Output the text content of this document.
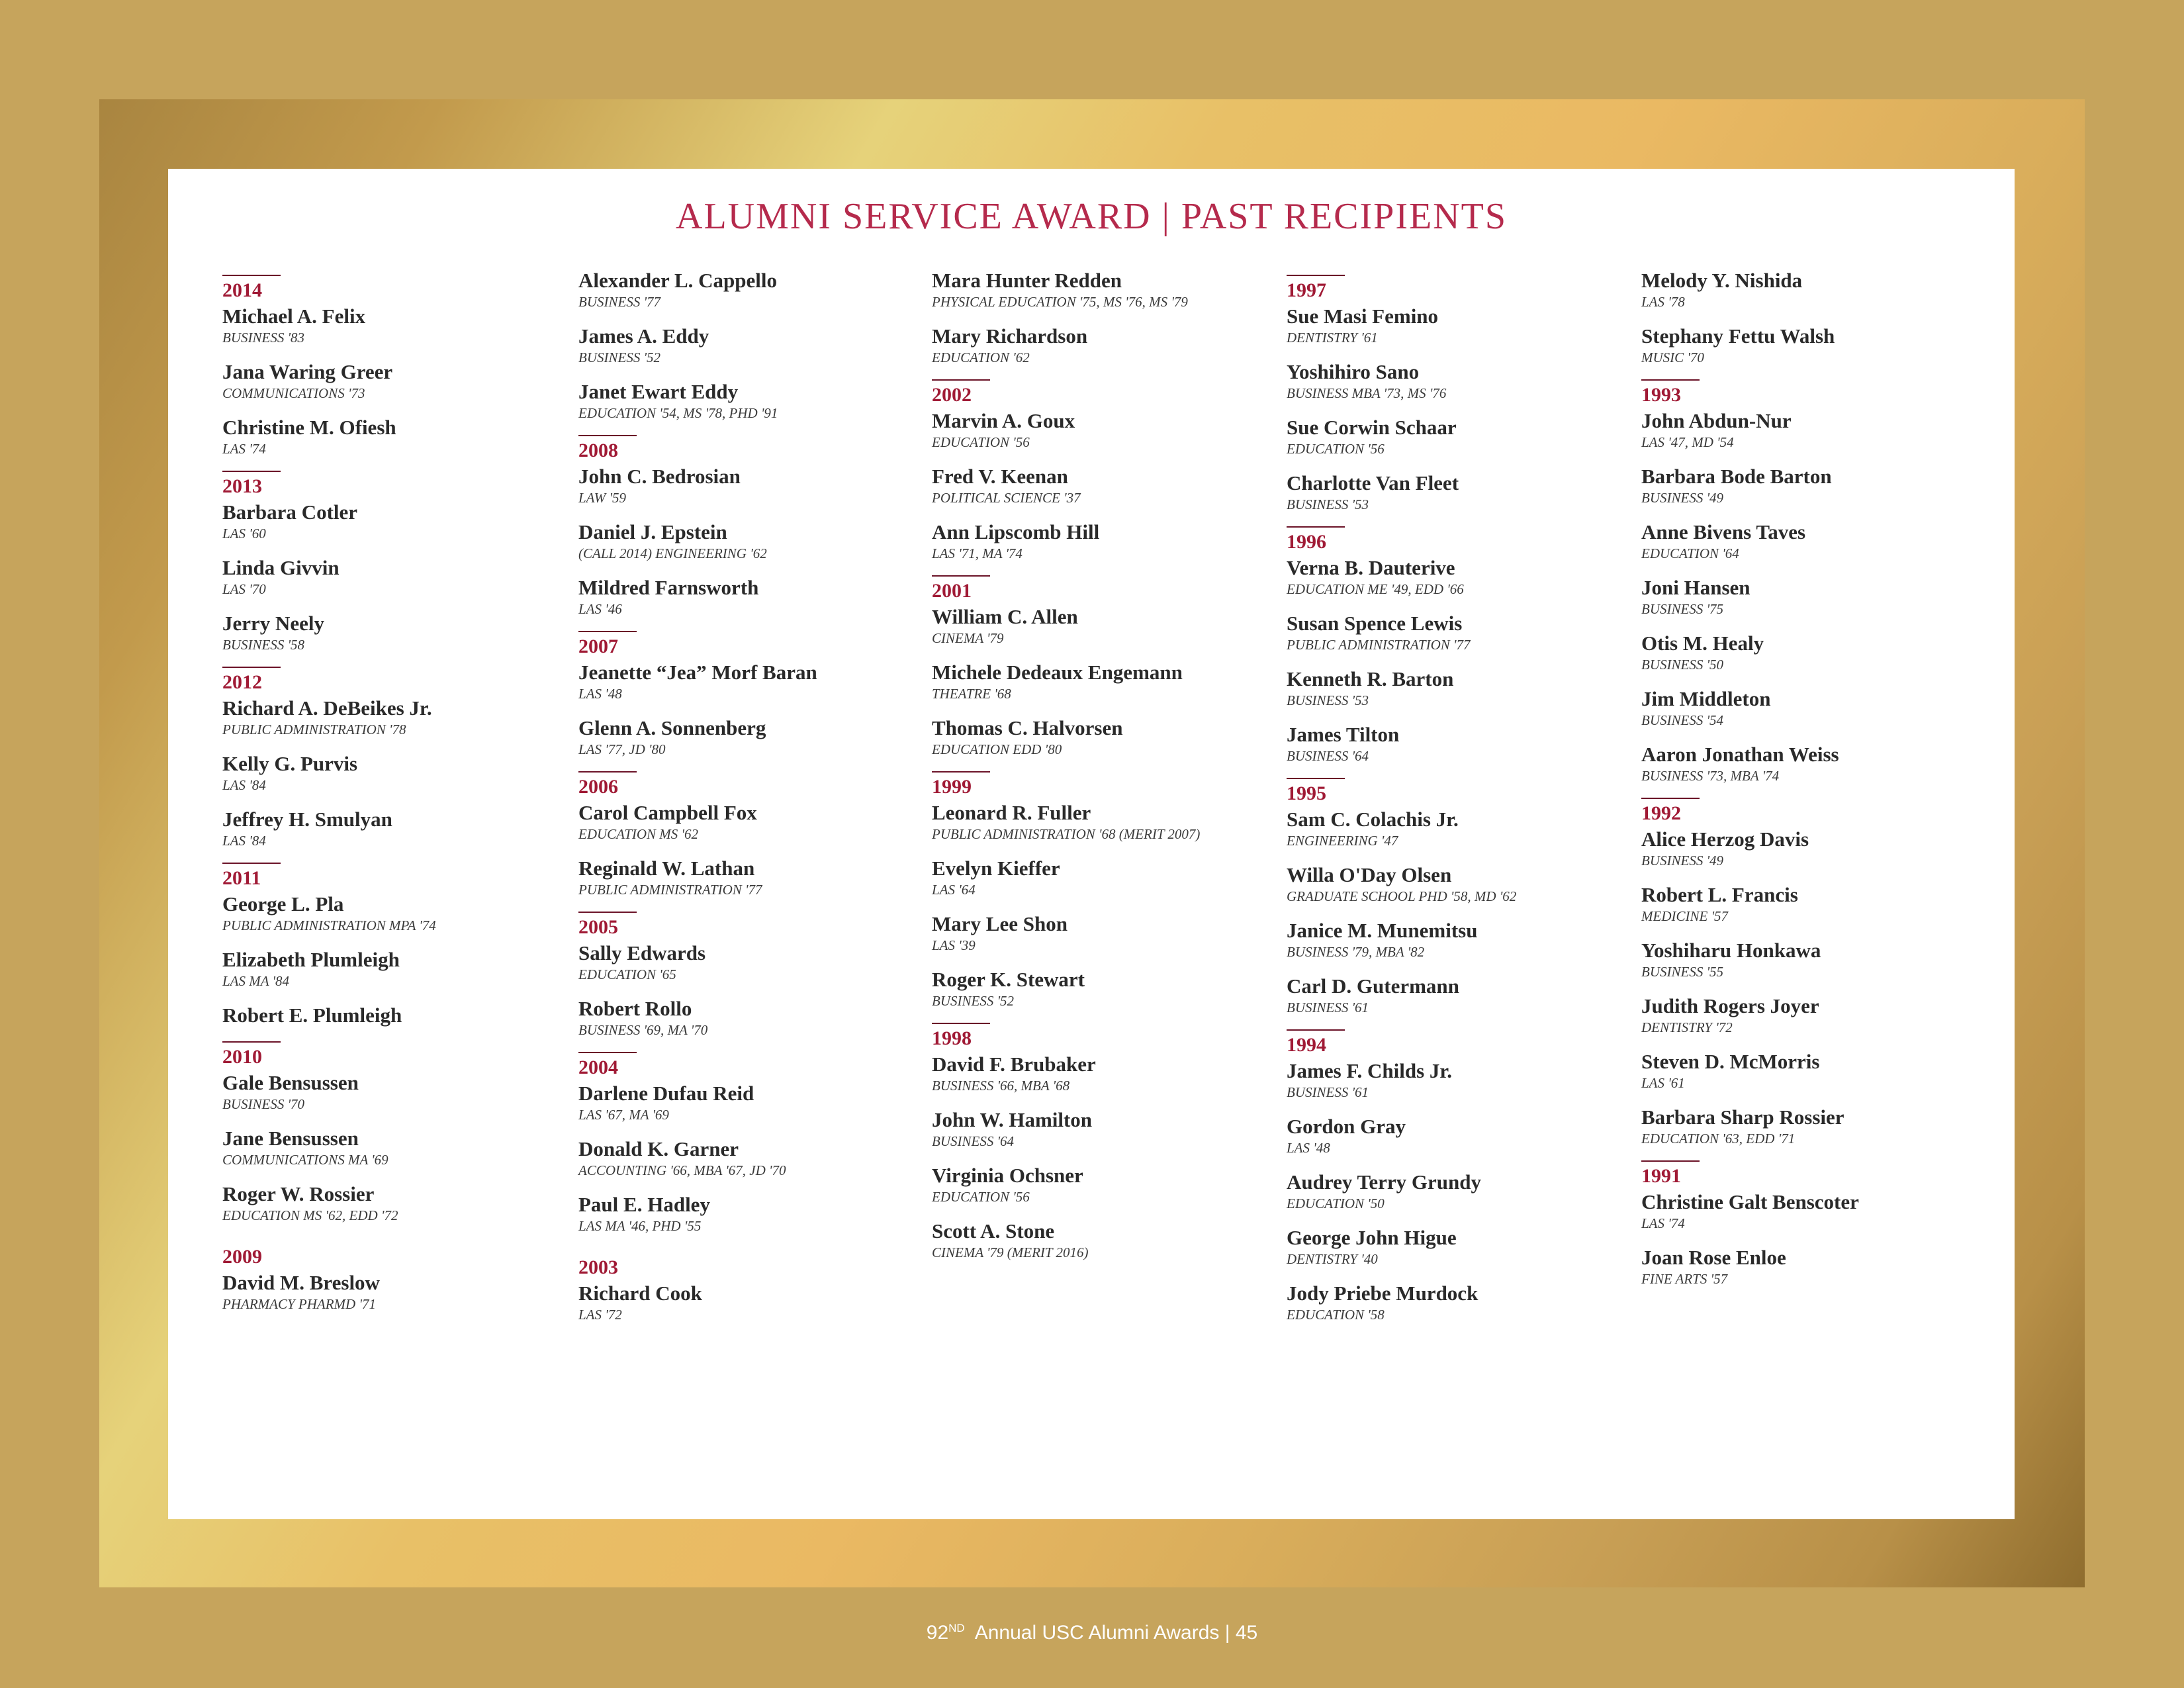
ALUMNI SERVICE AWARD | PAST RECIPIENTS
2014
Michael A. Felix
BUSINESS '83
Jana Waring Greer
COMMUNICATIONS '73
Christine M. Ofiesh
LAS '74
2013
Barbara Cotler
LAS '60
Linda Givvin
LAS '70
Jerry Neely
BUSINESS '58
2012
Richard A. DeBeikes Jr.
PUBLIC ADMINISTRATION '78
Kelly G. Purvis
LAS '84
Jeffrey H. Smulyan
LAS '84
2011
George L. Pla
PUBLIC ADMINISTRATION MPA '74
Elizabeth Plumleigh
LAS MA '84
Robert E. Plumleigh
2010
Gale Bensussen
BUSINESS '70
Jane Bensussen
COMMUNICATIONS MA '69
Roger W. Rossier
EDUCATION MS '62, EDD '72
2009
David M. Breslow
PHARMACY PHARMD '71
Alexander L. Cappello
BUSINESS '77
James A. Eddy
BUSINESS '52
Janet Ewart Eddy
EDUCATION '54, MS '78, PHD '91
2008
John C. Bedrosian
LAW '59
Daniel J. Epstein
(CALL 2014) ENGINEERING '62
Mildred Farnsworth
LAS '46
2007
Jeanette “Jea” Morf Baran
LAS '48
Glenn A. Sonnenberg
LAS '77, JD '80
2006
Carol Campbell Fox
EDUCATION MS '62
Reginald W. Lathan
PUBLIC ADMINISTRATION '77
2005
Sally Edwards
EDUCATION '65
Robert Rollo
BUSINESS '69, MA '70
2004
Darlene Dufau Reid
LAS '67, MA '69
Donald K. Garner
ACCOUNTING '66, MBA '67, JD '70
Paul E. Hadley
LAS MA '46, PHD '55
2003
Richard Cook
LAS '72
Mara Hunter Redden
PHYSICAL EDUCATION '75, MS '76, MS '79
Mary Richardson
EDUCATION '62
2002
Marvin A. Goux
EDUCATION '56
Fred V. Keenan
POLITICAL SCIENCE '37
Ann Lipscomb Hill
LAS '71, MA '74
2001
William C. Allen
CINEMA '79
Michele Dedeaux Engemann
THEATRE '68
Thomas C. Halvorsen
EDUCATION EDD '80
1999
Leonard R. Fuller
PUBLIC ADMINISTRATION '68 (MERIT 2007)
Evelyn Kieffer
LAS '64
Mary Lee Shon
LAS '39
Roger K. Stewart
BUSINESS '52
1998
David F. Brubaker
BUSINESS '66, MBA '68
John W. Hamilton
BUSINESS '64
Virginia Ochsner
EDUCATION '56
Scott A. Stone
CINEMA '79 (MERIT 2016)
1997
Sue Masi Femino
DENTISTRY '61
Yoshihiro Sano
BUSINESS MBA '73, MS '76
Sue Corwin Schaar
EDUCATION '56
Charlotte Van Fleet
BUSINESS '53
1996
Verna B. Dauterive
EDUCATION ME '49, EDD '66
Susan Spence Lewis
PUBLIC ADMINISTRATION '77
Kenneth R. Barton
BUSINESS '53
James Tilton
BUSINESS '64
1995
Sam C. Colachis Jr.
ENGINEERING '47
Willa O'Day Olsen
GRADUATE SCHOOL PHD '58, MD '62
Janice M. Munemitsu
BUSINESS '79, MBA '82
Carl D. Gutermann
BUSINESS '61
1994
James F. Childs Jr.
BUSINESS '61
Gordon Gray
LAS '48
Audrey Terry Grundy
EDUCATION '50
George John Higue
DENTISTRY '40
Jody Priebe Murdock
EDUCATION '58
Melody Y. Nishida
LAS '78
Stephany Fettu Walsh
MUSIC '70
1993
John Abdun-Nur
LAS '47, MD '54
Barbara Bode Barton
BUSINESS '49
Anne Bivens Taves
EDUCATION '64
Joni Hansen
BUSINESS '75
Otis M. Healy
BUSINESS '50
Jim Middleton
BUSINESS '54
Aaron Jonathan Weiss
BUSINESS '73, MBA '74
1992
Alice Herzog Davis
BUSINESS '49
Robert L. Francis
MEDICINE '57
Yoshiharu Honkawa
BUSINESS '55
Judith Rogers Joyer
DENTISTRY '72
Steven D. McMorris
LAS '61
Barbara Sharp Rossier
EDUCATION '63, EDD '71
1991
Christine Galt Benscoter
LAS '74
Joan Rose Enloe
FINE ARTS '57
92ND Annual USC Alumni Awards | 45
